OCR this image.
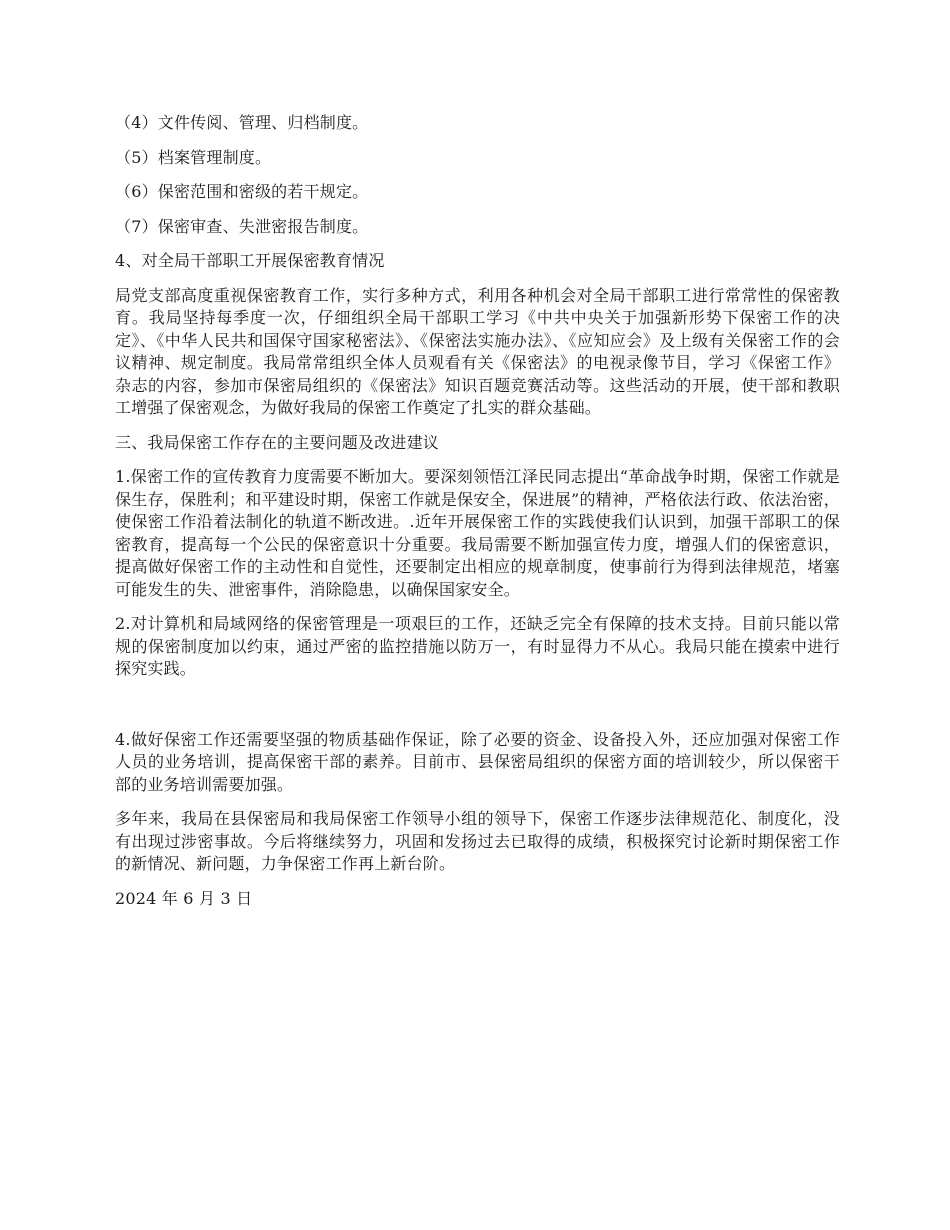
（4）文件传阅、管理、归档制度。

（5）档案管理制度。

（6）保密范围和密级的若干规定。

（7）保密审查、失泄密报告制度。

4、对全局干部职工开展保密教育情况

局党支部高度重视保密教育工作，实行多种方式，利用各种机会对全局干部职工进行常常性的保密教育。我局坚持每季度一次，仔细组织全局干部职工学习《中共中央关于加强新形势下保密工作的决定》、《中华人民共和国保守国家秘密法》、《保密法实施办法》、《应知应会》及上级有关保密工作的会议精神、规定制度。我局常常组织全体人员观看有关《保密法》的电视录像节目，学习《保密工作》杂志的内容，参加市保密局组织的《保密法》知识百题竞赛活动等。这些活动的开展，使干部和教职工增强了保密观念，为做好我局的保密工作奠定了扎实的群众基础。

三、我局保密工作存在的主要问题及改进建议

1.保密工作的宣传教育力度需要不断加大。要深刻领悟江泽民同志提出“革命战争时期，保密工作就是保生存，保胜利；和平建设时期，保密工作就是保安全，保进展”的精神，严格依法行政、依法治密，使保密工作沿着法制化的轨道不断改进。.近年开展保密工作的实践使我们认识到，加强干部职工的保密教育，提高每一个公民的保密意识十分重要。我局需要不断加强宣传力度，增强人们的保密意识，提高做好保密工作的主动性和自觉性，还要制定出相应的规章制度，使事前行为得到法律规范，堵塞可能发生的失、泄密事件，消除隐患，以确保国家安全。

2.对计算机和局域网络的保密管理是一项艰巨的工作，还缺乏完全有保障的技术支持。目前只能以常规的保密制度加以约束，通过严密的监控措施以防万一，有时显得力不从心。我局只能在摸索中进行探究实践。

4.做好保密工作还需要坚强的物质基础作保证，除了必要的资金、设备投入外，还应加强对保密工作人员的业务培训，提高保密干部的素养。目前市、县保密局组织的保密方面的培训较少，所以保密干部的业务培训需要加强。

多年来，我局在县保密局和我局保密工作领导小组的领导下，保密工作逐步法律规范化、制度化，没有出现过涉密事故。今后将继续努力，巩固和发扬过去已取得的成绩，积极探究讨论新时期保密工作的新情况、新问题，力争保密工作再上新台阶。

2024 年 6 月 3 日
